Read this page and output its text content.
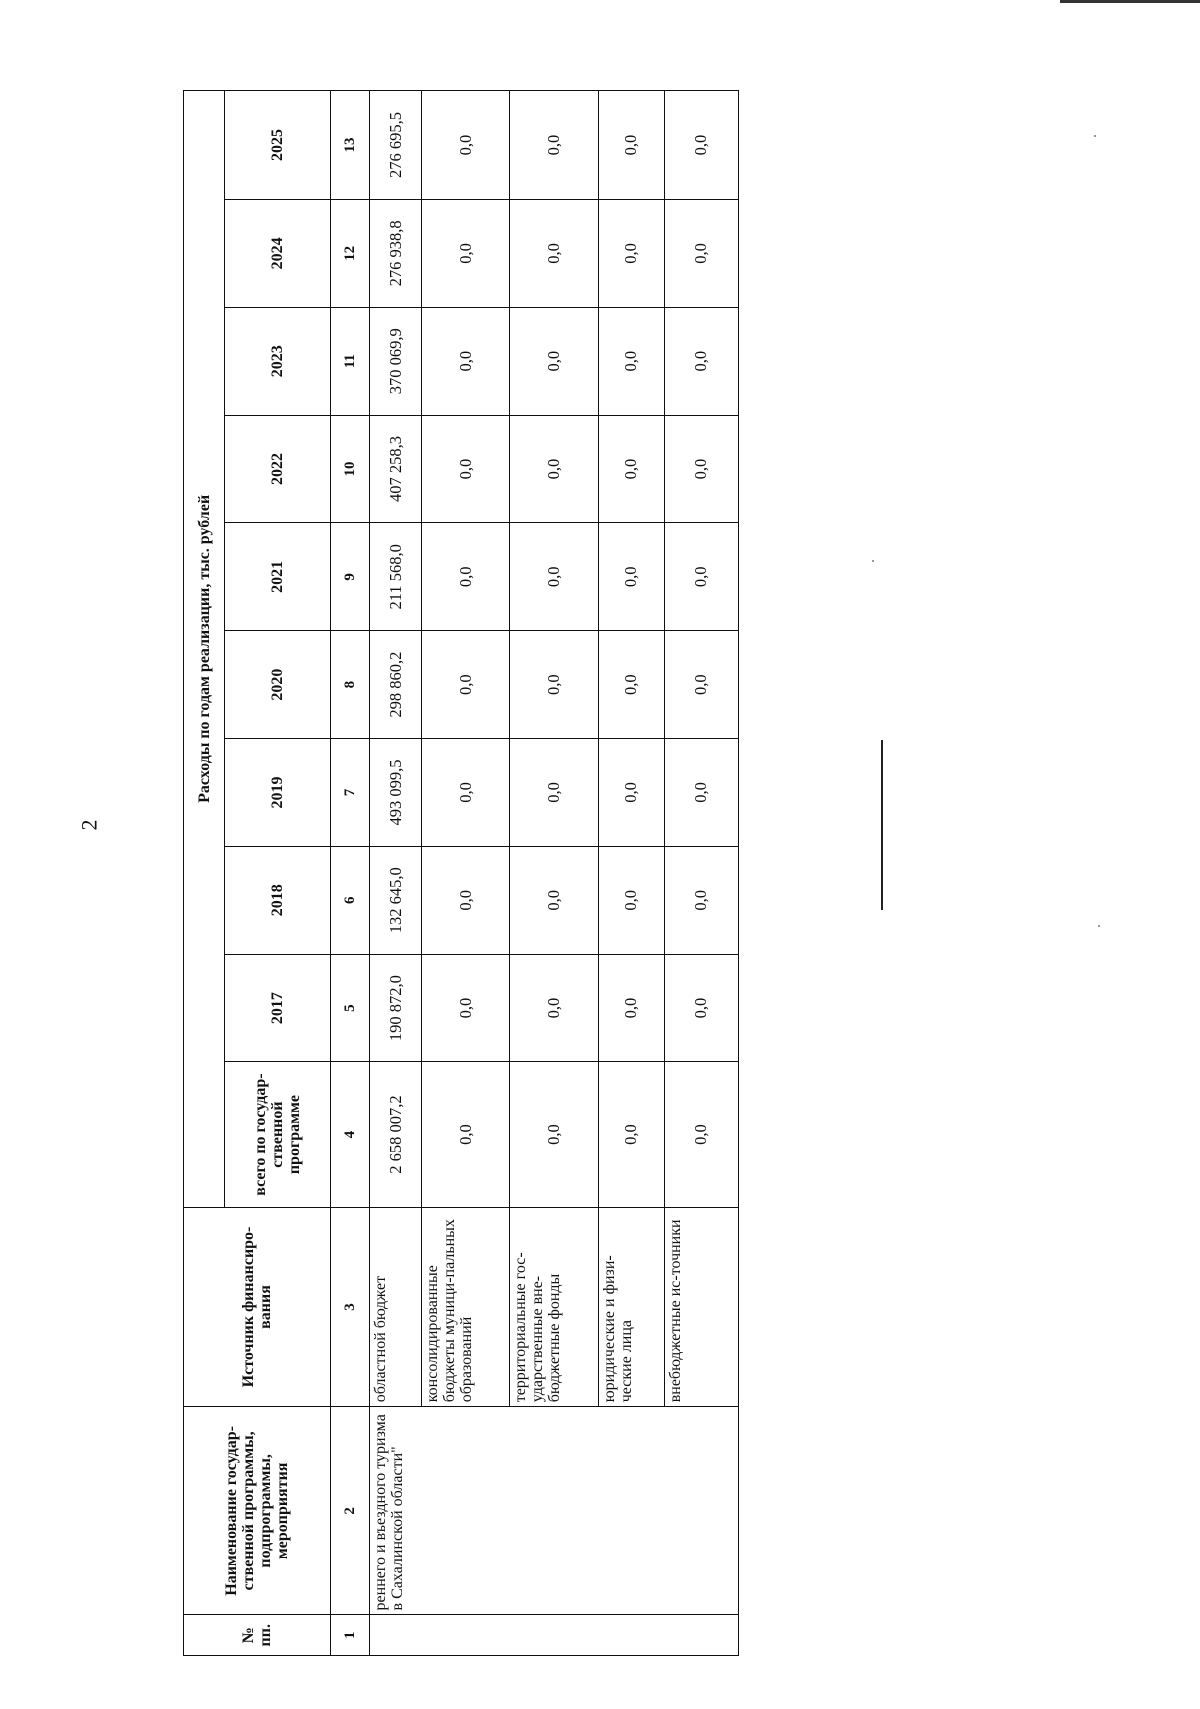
2
№ пп.	Наименование государ-ственной программы, подпрограммы, мероприятия	Источник финансиро-вания	Расходы по годам реализации, тыс. рублей									
			всего по государ-ственной программе	2017	2018	2019	2020	2021	2022	2023	2024	2025
1	2	3	4	5	6	7	8	9	10	11	12	13
	реннего и въездного туризма в Сахалинской области"	областной бюджет	2 658 007,2	190 872,0	132 645,0	493 099,5	298 860,2	211 568,0	407 258,3	370 069,9	276 938,8	276 695,5
		консолидированные бюджеты муници-пальных образований	0,0	0,0	0,0	0,0	0,0	0,0	0,0	0,0	0,0	0,0
		территориальные гос-ударственные вне-бюджетные фонды	0,0	0,0	0,0	0,0	0,0	0,0	0,0	0,0	0,0	0,0
		юридические и физи-ческие лица	0,0	0,0	0,0	0,0	0,0	0,0	0,0	0,0	0,0	0,0
		внебюджетные ис-точники	0,0	0,0	0,0	0,0	0,0	0,0	0,0	0,0	0,0	0,0
